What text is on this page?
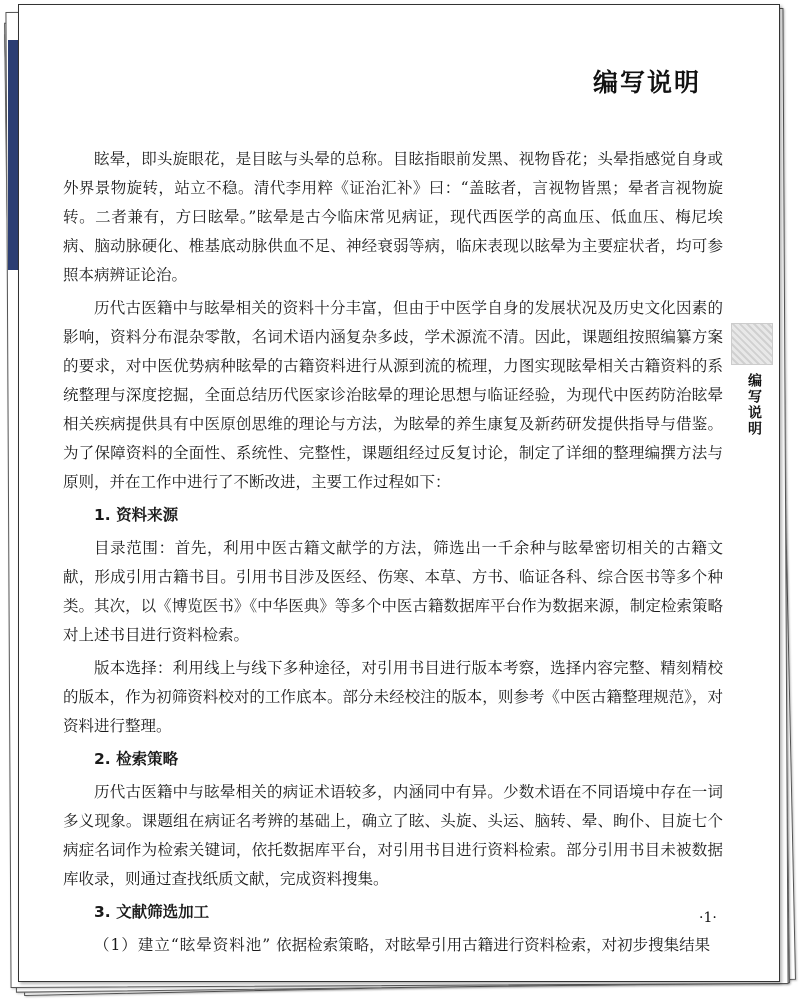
编写说明

眩晕，即头旋眼花，是目眩与头晕的总称。目眩指眼前发黑、视物昏花；头晕指感觉自身或外界景物旋转，站立不稳。清代李用粹《证治汇补》曰：“盖眩者，言视物皆黑；晕者言视物旋转。二者兼有，方曰眩晕。”眩晕是古今临床常见病证，现代西医学的高血压、低血压、梅尼埃病、脑动脉硬化、椎基底动脉供血不足、神经衰弱等病，临床表现以眩晕为主要症状者，均可参照本病辨证论治。

历代古医籍中与眩晕相关的资料十分丰富，但由于中医学自身的发展状况及历史文化因素的影响，资料分布混杂零散，名词术语内涵复杂多歧，学术源流不清。因此，课题组按照编纂方案的要求，对中医优势病种眩晕的古籍资料进行从源到流的梳理，力图实现眩晕相关古籍资料的系统整理与深度挖掘，全面总结历代医家诊治眩晕的理论思想与临证经验，为现代中医药防治眩晕相关疾病提供具有中医原创思维的理论与方法，为眩晕的养生康复及新药研发提供指导与借鉴。为了保障资料的全面性、系统性、完整性，课题组经过反复讨论，制定了详细的整理编撰方法与原则，并在工作中进行了不断改进，主要工作过程如下：

1. 资料来源

目录范围：首先，利用中医古籍文献学的方法，筛选出一千余种与眩晕密切相关的古籍文献，形成引用古籍书目。引用书目涉及医经、伤寒、本草、方书、临证各科、综合医书等多个种类。其次，以《博览医书》《中华医典》等多个中医古籍数据库平台作为数据来源，制定检索策略对上述书目进行资料检索。

版本选择：利用线上与线下多种途径，对引用书目进行版本考察，选择内容完整、精刻精校的版本，作为初筛资料校对的工作底本。部分未经校注的版本，则参考《中医古籍整理规范》，对资料进行整理。

2. 检索策略

历代古医籍中与眩晕相关的病证术语较多，内涵同中有异。少数术语在不同语境中存在一词多义现象。课题组在病证名考辨的基础上，确立了眩、头旋、头运、脑转、晕、眴仆、目旋七个病症名词作为检索关键词，依托数据库平台，对引用书目进行资料检索。部分引用书目未被数据库收录，则通过查找纸质文献，完成资料搜集。

3. 文献筛选加工

（1）建立“眩晕资料池” 依据检索策略，对眩晕引用古籍进行资料检索，对初步搜集结果

编写说明
·1·
